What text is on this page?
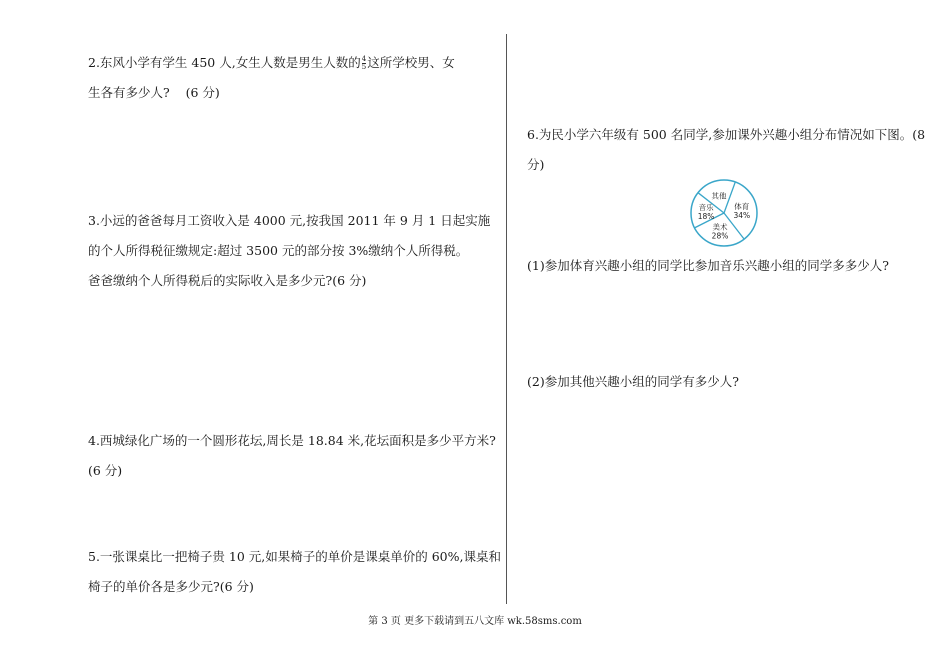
2.东风小学有学生 450 人,女生人数是男生人数的 $\frac{4}{5}$ 这所学校男、女
生各有多少人?    (6 分)
3.小远的爸爸每月工资收入是 4000 元,按我国 2011 年 9 月 1 日起实施
的个人所得税征缴规定:超过 3500 元的部分按 3%缴纳个人所得税。
爸爸缴纳个人所得税后的实际收入是多少元?(6 分)
4.西城绿化广场的一个圆形花坛,周长是 18.84 米,花坛面积是多少平方米?
(6 分)
5.一张课桌比一把椅子贵 10 元,如果椅子的单价是课桌单价的 60%,课桌和
椅子的单价各是多少元?(6 分)
6.为民小学六年级有 500 名同学,参加课外兴趣小组分布情况如下图。(8
分)
体育
34%
美术
28%
音乐
18%
其他
(1)参加体育兴趣小组的同学比参加音乐兴趣小组的同学多多少人?
(2)参加其他兴趣小组的同学有多少人?
第 3 页 更多下载请到五八文库 wk.58sms.com
